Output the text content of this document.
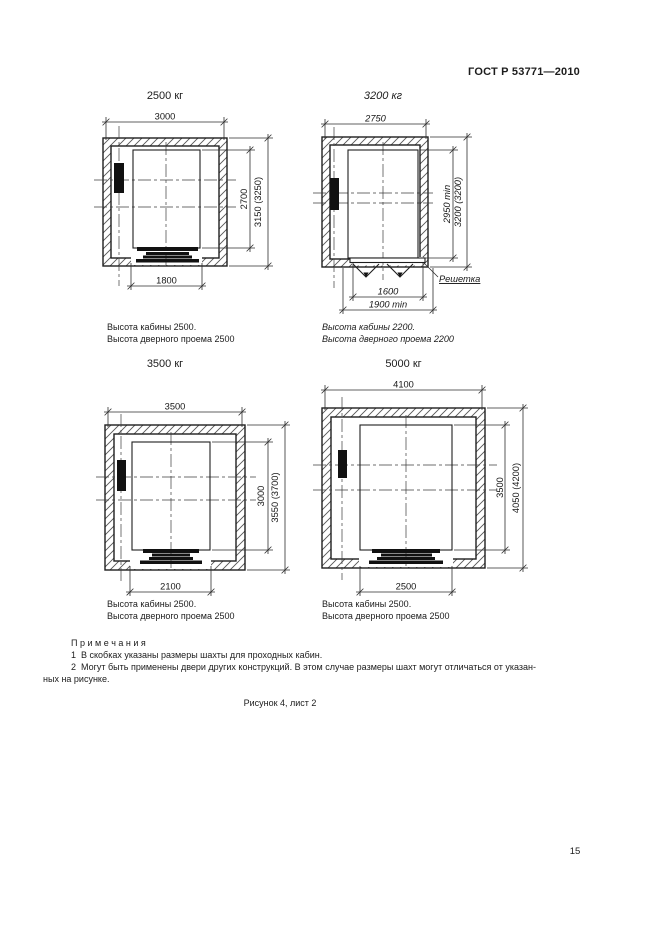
3000
2700 3150 (3250)
1800	Решетка
2750
2950 min 3200 (3200)
1600
1900 min
3500
3000 3550 (3700)
2100
4100
3500 4050 (4200)
2500
ГОСТ Р 53771—2010
2500 кг	3200 кг
3500 кг	5000 кг
Высота кабины 2500.
Высота дверного проема 2500
Высота кабины 2200.
Высота дверного проема 2200
Высота кабины 2500.
Высота дверного проема 2500
Высота кабины 2500.
Высота дверного проема 2500
П р и м е ч а н и я
1  В скобках указаны размеры шахты для проходных кабин.
2  Могут быть применены двери других конструкций. В этом случае размеры шахт могут отличаться от указан-
ных на рисунке.
Рисунок 4, лист 2
15
